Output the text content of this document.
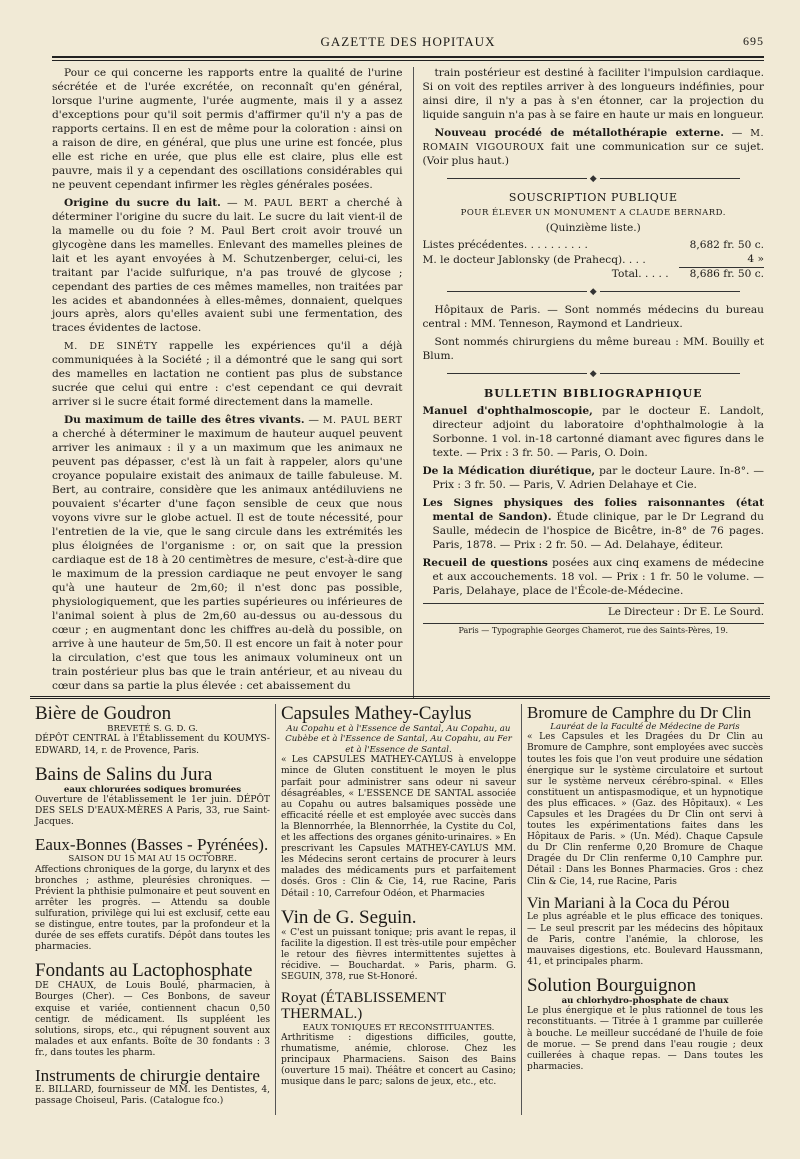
GAZETTE DES HOPITAUX	695

Pour ce qui concerne les rapports entre la qualité de l'urine sécrétée et de l'urée excrétée, on reconnaît qu'en général, lorsque l'urine augmente, l'urée augmente, mais il y a assez d'exceptions pour qu'il soit permis d'affirmer qu'il n'y a pas de rapports certains. Il en est de même pour la coloration : ainsi on a raison de dire, en général, que plus une urine est foncée, plus elle est riche en urée, que plus elle est claire, plus elle est pauvre, mais il y a cependant des oscillations considérables qui ne peuvent cependant infirmer les règles générales posées.

Origine du sucre du lait. — M. PAUL BERT a cherché à déterminer l'origine du sucre du lait. Le sucre du lait vient-il de la mamelle ou du foie ? M. Paul Bert croit avoir trouvé un glycogène dans les mamelles. Enlevant des mamelles pleines de lait et les ayant envoyées à M. Schutzenberger, celui-ci, les traitant par l'acide sulfurique, n'a pas trouvé de glycose ; cependant des parties de ces mêmes mamelles, non traitées par les acides et abandonnées à elles-mêmes, donnaient, quelques jours après, alors qu'elles avaient subi une fermentation, des traces évidentes de lactose.

M. DE SINÉTY rappelle les expériences qu'il a déjà communiquées à la Société ; il a démontré que le sang qui sort des mamelles en lactation ne contient pas plus de substance sucrée que celui qui entre : c'est cependant ce qui devrait arriver si le sucre était formé directement dans la mamelle.

Du maximum de taille des êtres vivants. — M. PAUL BERT a cherché à déterminer le maximum de hauteur auquel peuvent arriver les animaux : il y a un maximum que les animaux ne peuvent pas dépasser, c'est là un fait à rappeler, alors qu'une croyance populaire existait des animaux de taille fabuleuse. M. Bert, au contraire, considère que les animaux antédiluviens ne pouvaient s'écarter d'une façon sensible de ceux que nous voyons vivre sur le globe actuel. Il est de toute nécessité, pour l'entretien de la vie, que le sang circule dans les extrémités les plus éloignées de l'organisme : or, on sait que la pression cardiaque est de 18 à 20 centimètres de mesure, c'est-à-dire que le maximum de la pression cardiaque ne peut envoyer le sang qu'à une hauteur de 2m,60; il n'est donc pas possible, physiologiquement, que les parties supérieures ou inférieures de l'animal soient à plus de 2m,60 au-dessus ou au-dessous du cœur ; en augmentant donc les chiffres au-delà du possible, on arrive à une hauteur de 5m,50. Il est encore un fait à noter pour la circulation, c'est que tous les animaux volumineux ont un train postérieur plus bas que le train antérieur, et au niveau du cœur dans sa partie la plus élevée : cet abaissement du

train postérieur est destiné à faciliter l'impulsion cardiaque. Si on voit des reptiles arriver à des longueurs indéfinies, pour ainsi dire, il n'y a pas à s'en étonner, car la projection du liquide sanguin n'a pas à se faire en haute ur mais en longueur.

Nouveau procédé de métallothérapie externe. — M. ROMAIN VIGOUROUX fait une communication sur ce sujet. (Voir plus haut.)

◆
SOUSCRIPTION PUBLIQUE
POUR ÉLEVER UN MONUMENT A CLAUDE BERNARD.
(Quinzième liste.)
Listes précédentes. . . . . . . . . .	8,682 fr. 50 c.
M. le docteur Jablonsky (de Prahecq). . . .	4 »
Total. . . . .	8,686 fr. 50 c.
◆

Hôpitaux de Paris. — Sont nommés médecins du bureau central : MM. Tenneson, Raymond et Landrieux.

Sont nommés chirurgiens du même bureau : MM. Bouilly et Blum.

◆
BULLETIN BIBLIOGRAPHIQUE

Manuel d'ophthalmoscopie, par le docteur E. Landolt, directeur adjoint du laboratoire d'ophthalmologie à la Sorbonne. 1 vol. in-18 cartonné diamant avec figures dans le texte. — Prix : 3 fr. 50. — Paris, O. Doin.

De la Médication diurétique, par le docteur Laure. In-8°. — Prix : 3 fr. 50. — Paris, V. Adrien Delahaye et Cie.

Les Signes physiques des folies raisonnantes (état mental de Sandon). Étude clinique, par le Dr Legrand du Saulle, médecin de l'hospice de Bicêtre, in-8° de 76 pages. Paris, 1878. — Prix : 2 fr. 50. — Ad. Delahaye, éditeur.

Recueil de questions posées aux cinq examens de médecine et aux accouchements. 18 vol. — Prix : 1 fr. 50 le volume. — Paris, Delahaye, place de l'École-de-Médecine.

Le Directeur : Dr E. Le Sourd.
Paris — Typographie Georges Chamerot, rue des Saints-Pères, 19.
Bière de Goudron
BREVETÉ S. G. D. G.
DÉPÔT CENTRAL à l'Établissement du KOUMYS-EDWARD, 14, r. de Provence, Paris.
Bains de Salins du Jura
eaux chlorurées sodiques bromurées
Ouverture de l'établissement le 1er juin. DÉPÔT DES SELS D'EAUX-MÈRES A Paris, 33, rue Saint-Jacques.
Eaux-Bonnes (Basses - Pyrénées).
SAISON DU 15 MAI AU 15 OCTOBRE.
Affections chroniques de la gorge, du larynx et des bronches ; asthme, pleurésies chroniques. — Prévient la phthisie pulmonaire et peut souvent en arrêter les progrès. — Attendu sa double sulfuration, privilège qui lui est exclusif, cette eau se distingue, entre toutes, par la profondeur et la durée de ses effets curatifs. Dépôt dans toutes les pharmacies.
Fondants au Lactophosphate
DE CHAUX, de Louis Boulé, pharmacien, à Bourges (Cher). — Ces Bonbons, de saveur exquise et variée, contiennent chacun 0,50 centigr. de médicament. Ils suppléent les solutions, sirops, etc., qui répugnent souvent aux malades et aux enfants. Boîte de 30 fondants : 3 fr., dans toutes les pharm.
Instruments de chirurgie dentaire
E. BILLARD, fournisseur de MM. les Dentistes, 4, passage Choiseul, Paris. (Catalogue fco.)
Capsules Mathey-Caylus
Au Copahu et à l'Essence de Santal, Au Copahu, au Cubèbe et à l'Essence de Santal, Au Copahu, au Fer et à l'Essence de Santal.
« Les CAPSULES MATHEY-CAYLUS à enveloppe mince de Gluten constituent le moyen le plus parfait pour administrer sans odeur ni saveur désagréables, « L'ESSENCE DE SANTAL associée au Copahu ou autres balsamiques possède une efficacité réelle et est employée avec succès dans la Blennorrhée, la Blennorrhée, la Cystite du Col, et les affections des organes génito-urinaires. » En prescrivant les Capsules MATHEY-CAYLUS MM. les Médecins seront certains de procurer à leurs malades des médicaments purs et parfaitement dosés. Gros : Clin & Cie, 14, rue Racine, Paris Détail : 10, Carrefour Odéon, et Pharmacies
Vin de G. Seguin.
« C'est un puissant tonique; pris avant le repas, il facilite la digestion. Il est très-utile pour empêcher le retour des fièvres intermittentes sujettes à récidive. — Bouchardat. » Paris, pharm. G. SEGUIN, 378, rue St-Honoré.
Royat (ÉTABLISSEMENT THERMAL.)
EAUX TONIQUES ET RECONSTITUANTES.
Arthritisme : digestions difficiles, goutte, rhumatisme, anémie, chlorose. Chez les principaux Pharmaciens. Saison des Bains (ouverture 15 mai). Théâtre et concert au Casino; musique dans le parc; salons de jeux, etc., etc.
Bromure de Camphre du Dr Clin
Lauréat de la Faculté de Médecine de Paris
« Les Capsules et les Dragées du Dr Clin au Bromure de Camphre, sont employées avec succès toutes les fois que l'on veut produire une sédation énergique sur le système circulatoire et surtout sur le système nerveux cérébro-spinal. « Elles constituent un antispasmodique, et un hypnotique des plus efficaces. » (Gaz. des Hôpitaux). « Les Capsules et les Dragées du Dr Clin ont servi à toutes les expérimentations faites dans les Hôpitaux de Paris. » (Un. Méd). Chaque Capsule du Dr Clin renferme 0,20 Bromure de Chaque Dragée du Dr Clin renferme 0,10 Camphre pur. Détail : Dans les Bonnes Pharmacies. Gros : chez Clin & Cie, 14, rue Racine, Paris
Vin Mariani à la Coca du Pérou
Le plus agréable et le plus efficace des toniques. — Le seul prescrit par les médecins des hôpitaux de Paris, contre l'anémie, la chlorose, les mauvaises digestions, etc. Boulevard Haussmann, 41, et principales pharm.
Solution Bourguignon
au chlorhydro-phosphate de chaux
Le plus énergique et le plus rationnel de tous les reconstituants. — Titrée à 1 gramme par cuillerée à bouche. Le meilleur succédané de l'huile de foie de morue. — Se prend dans l'eau rougie ; deux cuillerées à chaque repas. — Dans toutes les pharmacies.
